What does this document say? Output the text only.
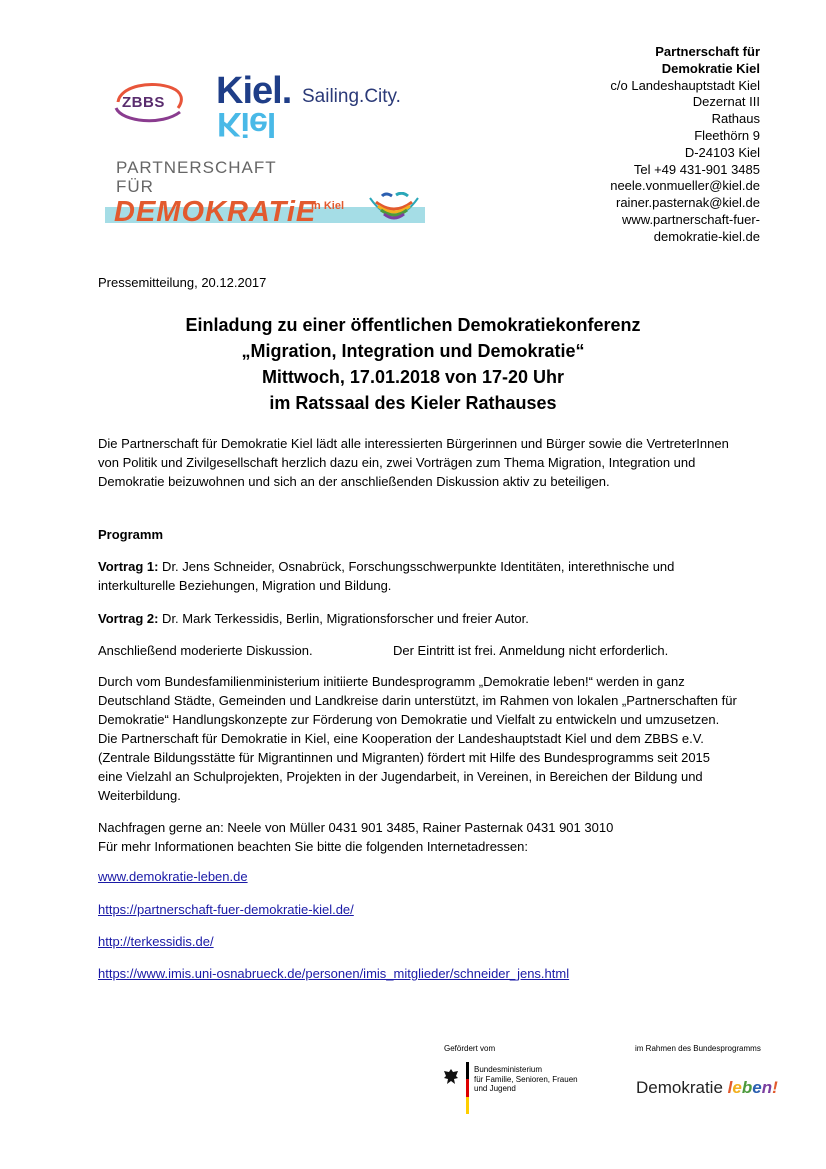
ZBBS Kiel.
Kiel
Sailing.City.
PARTNERSCHAFT
FÜR
DEMOKRATiE
in Kiel
Partnerschaft für
Demokratie Kiel
c/o Landeshauptstadt Kiel
Dezernat III
Rathaus
Fleethörn 9
D-24103 Kiel
Tel +49 431-901 3485
neele.vonmueller@kiel.de
rainer.pasternak@kiel.de
www.partnerschaft-fuer-
demokratie-kiel.de
Pressemitteilung, 20.12.2017
Einladung zu einer öffentlichen Demokratiekonferenz
„Migration, Integration und Demokratie“
Mittwoch, 17.01.2018 von 17-20 Uhr
im Ratssaal des Kieler Rathauses
Die Partnerschaft für Demokratie Kiel lädt alle interessierten Bürgerinnen und Bürger sowie die VertreterInnen von Politik und Zivilgesellschaft herzlich dazu ein, zwei Vorträgen zum Thema Migration, Integration und Demokratie beizuwohnen und sich an der anschließenden Diskussion aktiv zu beteiligen.
Programm
Vortrag 1: Dr. Jens Schneider, Osnabrück, Forschungsschwerpunkte Identitäten, interethnische und interkulturelle Beziehungen, Migration und Bildung.
Vortrag 2: Dr. Mark Terkessidis, Berlin, Migrationsforscher und freier Autor.
Anschließend moderierte Diskussion.	Der Eintritt ist frei. Anmeldung nicht erforderlich.
Durch vom Bundesfamilienministerium initiierte Bundesprogramm „Demokratie leben!“ werden in ganz Deutschland Städte, Gemeinden und Landkreise darin unterstützt, im Rahmen von lokalen „Partnerschaften für Demokratie“ Handlungskonzepte zur Förderung von Demokratie und Vielfalt zu entwickeln und umzusetzen. Die Partnerschaft für Demokratie in Kiel, eine Kooperation der Landeshauptstadt Kiel und dem ZBBS e.V. (Zentrale Bildungsstätte für Migrantinnen und Migranten) fördert mit Hilfe des Bundesprogramms seit 2015 eine Vielzahl an Schulprojekten, Projekten in der Jugendarbeit, in Vereinen, in Bereichen der Bildung und Weiterbildung.
Nachfragen gerne an: Neele von Müller 0431 901 3485, Rainer Pasternak 0431 901 3010
Für mehr Informationen beachten Sie bitte die folgenden Internetadressen:
www.demokratie-leben.de
https://partnerschaft-fuer-demokratie-kiel.de/
http://terkessidis.de/
https://www.imis.uni-osnabrueck.de/personen/imis_mitglieder/schneider_jens.html
Gefördert vom
Bundesministerium
für Familie, Senioren, Frauen
und Jugend
im Rahmen des Bundesprogramms
Demokratie leben!
